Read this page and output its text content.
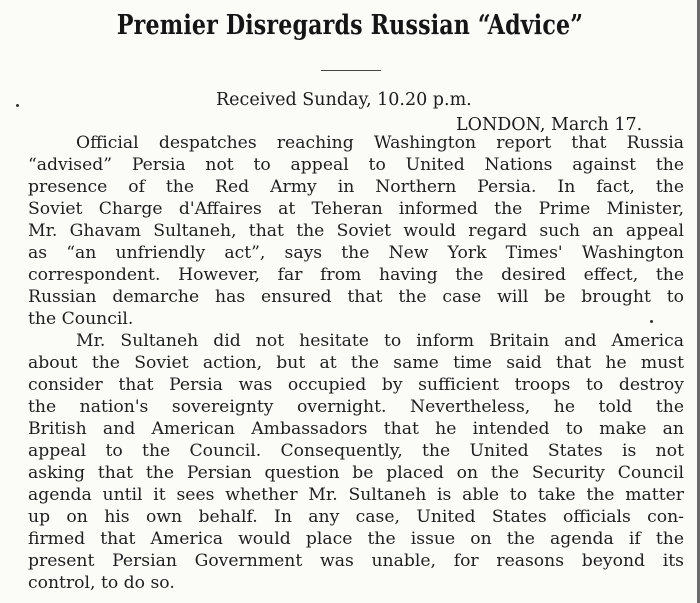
Premier Disregards Russian “Advice”
Received Sunday, 10.20 p.m.
LONDON, March 17.
Official despatches reaching Washington report that Russia
“advised” Persia not to appeal to United Nations against the
presence of the Red Army in Northern Persia. In fact, the
Soviet Charge d'Affaires at Teheran informed the Prime Minister,
Mr. Ghavam Sultaneh, that the Soviet would regard such an appeal
as “an unfriendly act”, says the New York Times' Washington
correspondent. However, far from having the desired effect, the
Russian demarche has ensured that the case will be brought to
the Council.
Mr. Sultaneh did not hesitate to inform Britain and America
about the Soviet action, but at the same time said that he must
consider that Persia was occupied by sufficient troops to destroy
the nation's sovereignty overnight. Nevertheless, he told the
British and American Ambassadors that he intended to make an
appeal to the Council. Consequently, the United States is not
asking that the Persian question be placed on the Security Council
agenda until it sees whether Mr. Sultaneh is able to take the matter
up on his own behalf. In any case, United States officials con-
firmed that America would place the issue on the agenda if the
present Persian Government was unable, for reasons beyond its
control, to do so.
